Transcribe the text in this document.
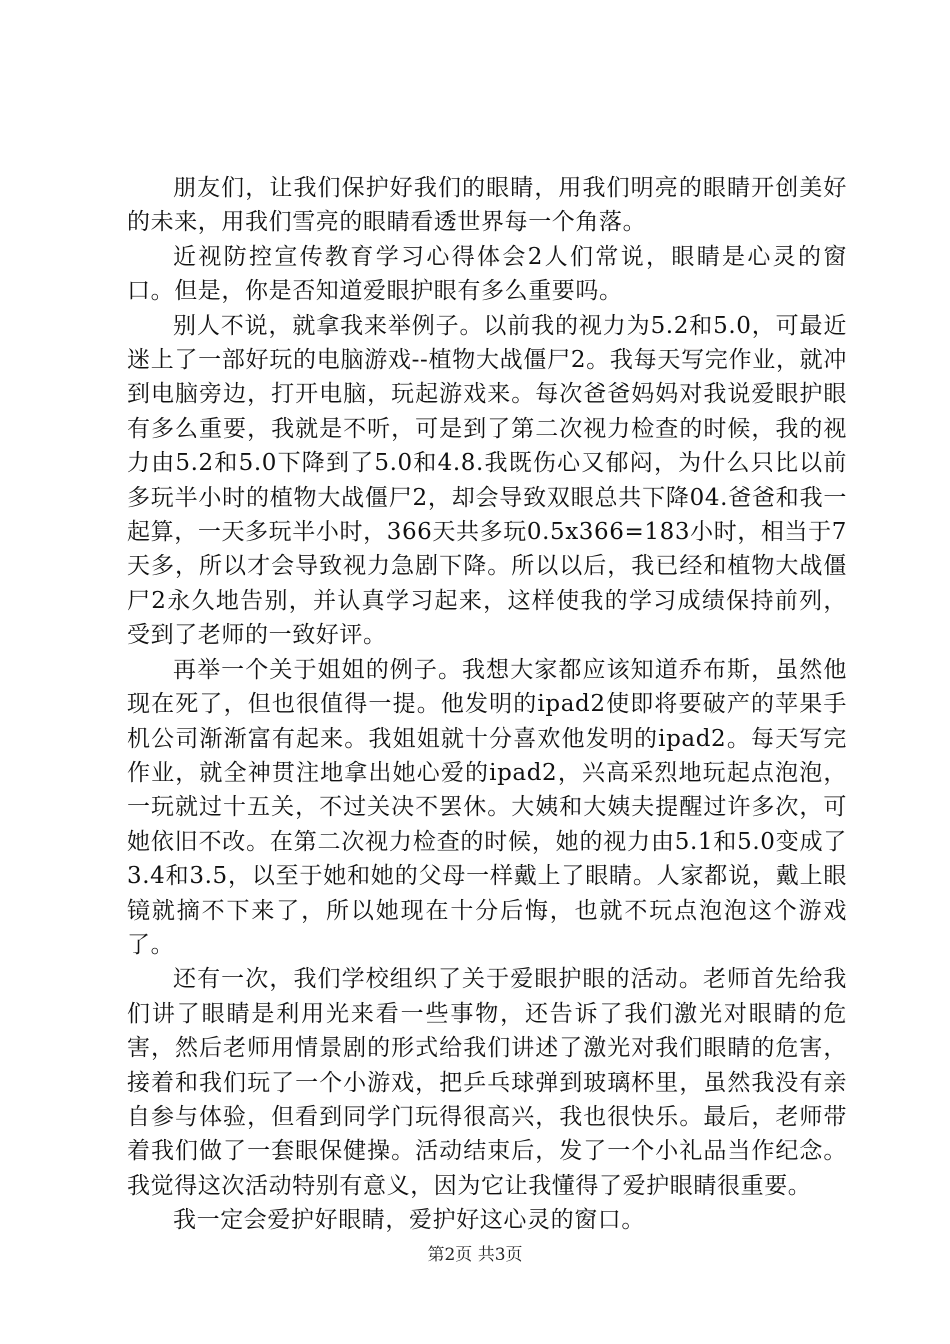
朋友们，让我们保护好我们的眼睛，用我们明亮的眼睛开创美好的未来，用我们雪亮的眼睛看透世界每一个角落。

近视防控宣传教育学习心得体会2人们常说，眼睛是心灵的窗口。但是，你是否知道爱眼护眼有多么重要吗。

别人不说，就拿我来举例子。以前我的视力为5.2和5.0，可最近迷上了一部好玩的电脑游戏--植物大战僵尸2。我每天写完作业，就冲到电脑旁边，打开电脑，玩起游戏来。每次爸爸妈妈对我说爱眼护眼有多么重要，我就是不听，可是到了第二次视力检查的时候，我的视力由5.2和5.0下降到了5.0和4.8.我既伤心又郁闷，为什么只比以前多玩半小时的植物大战僵尸2，却会导致双眼总共下降04.爸爸和我一起算，一天多玩半小时，366天共多玩0.5x366=183小时，相当于7天多，所以才会导致视力急剧下降。所以以后，我已经和植物大战僵尸2永久地告别，并认真学习起来，这样使我的学习成绩保持前列，受到了老师的一致好评。

再举一个关于姐姐的例子。我想大家都应该知道乔布斯，虽然他现在死了，但也很值得一提。他发明的ipad2使即将要破产的苹果手机公司渐渐富有起来。我姐姐就十分喜欢他发明的ipad2。每天写完作业，就全神贯注地拿出她心爱的ipad2，兴高采烈地玩起点泡泡，一玩就过十五关，不过关决不罢休。大姨和大姨夫提醒过许多次，可她依旧不改。在第二次视力检查的时候，她的视力由5.1和5.0变成了3.4和3.5，以至于她和她的父母一样戴上了眼睛。人家都说，戴上眼镜就摘不下来了，所以她现在十分后悔，也就不玩点泡泡这个游戏了。

还有一次，我们学校组织了关于爱眼护眼的活动。老师首先给我们讲了眼睛是利用光来看一些事物，还告诉了我们激光对眼睛的危害，然后老师用情景剧的形式给我们讲述了激光对我们眼睛的危害，接着和我们玩了一个小游戏，把乒乓球弹到玻璃杯里，虽然我没有亲自参与体验，但看到同学门玩得很高兴，我也很快乐。最后，老师带着我们做了一套眼保健操。活动结束后，发了一个小礼品当作纪念。我觉得这次活动特别有意义，因为它让我懂得了爱护眼睛很重要。

我一定会爱护好眼睛，爱护好这心灵的窗口。

第2页 共3页
